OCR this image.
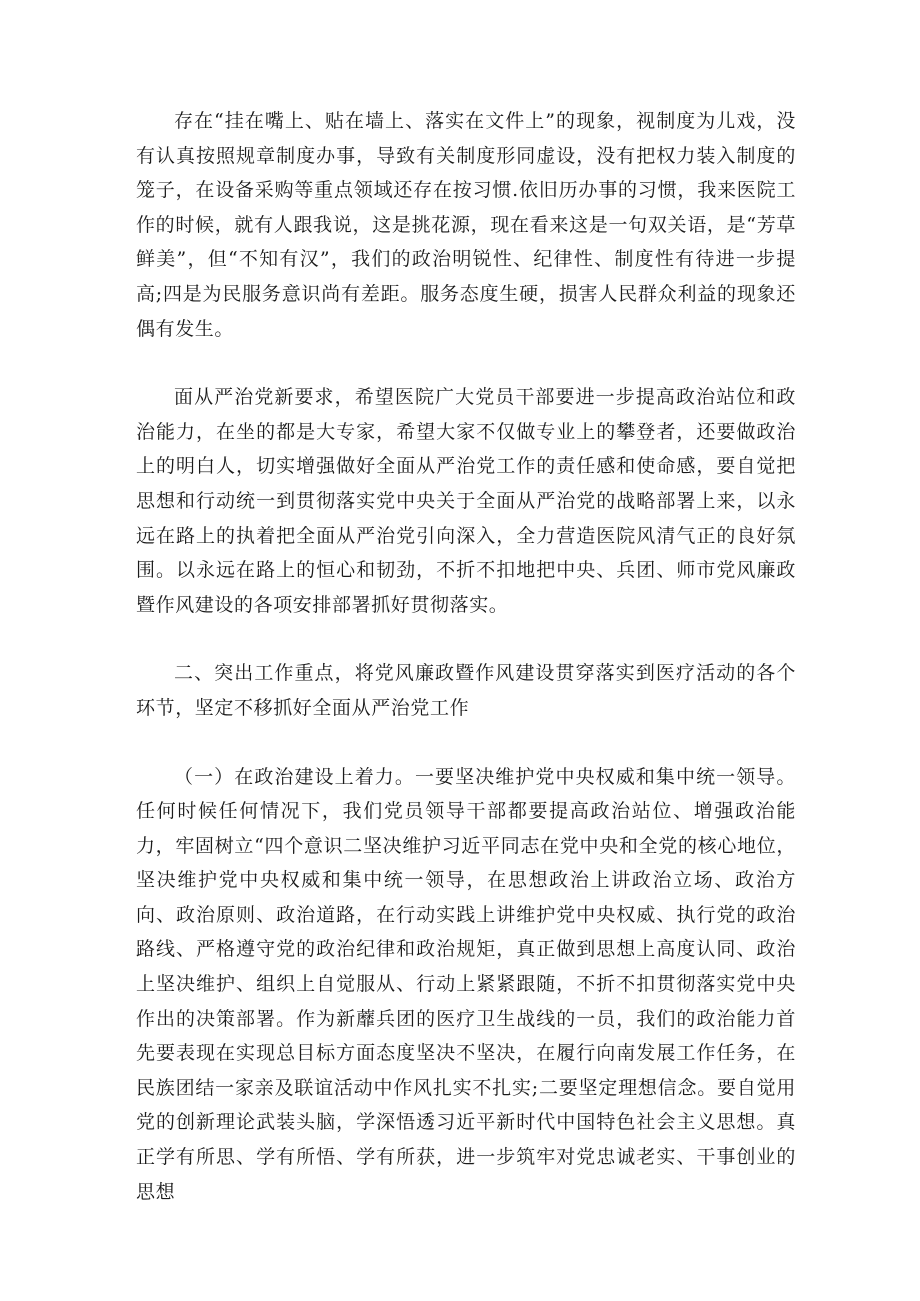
存在“挂在嘴上、贴在墙上、落实在文件上”的现象，视制度为儿戏，没有认真按照规章制度办事，导致有关制度形同虚设，没有把权力装入制度的笼子，在设备采购等重点领域还存在按习惯.依旧历办事的习惯，我来医院工作的时候，就有人跟我说，这是挑花源，现在看来这是一句双关语，是“芳草鲜美”，但“不知有汉”，我们的政治明锐性、纪律性、制度性有待进一步提高;四是为民服务意识尚有差距。服务态度生硬，损害人民群众利益的现象还偶有发生。

面从严治党新要求，希望医院广大党员干部要进一步提高政治站位和政治能力，在坐的都是大专家，希望大家不仅做专业上的攀登者，还要做政治上的明白人，切实增强做好全面从严治党工作的责任感和使命感，要自觉把思想和行动统一到贯彻落实党中央关于全面从严治党的战略部署上来，以永远在路上的执着把全面从严治党引向深入，全力营造医院风清气正的良好氛围。以永远在路上的恒心和韧劲，不折不扣地把中央、兵团、师市党风廉政暨作风建设的各项安排部署抓好贯彻落实。

二、突出工作重点，将党风廉政暨作风建设贯穿落实到医疗活动的各个环节，坚定不移抓好全面从严治党工作

（一）在政治建设上着力。一要坚决维护党中央权威和集中统一领导。任何时候任何情况下，我们党员领导干部都要提高政治站位、增强政治能力，牢固树立“四个意识二坚决维护习近平同志在党中央和全党的核心地位，坚决维护党中央权威和集中统一领导，在思想政治上讲政治立场、政治方向、政治原则、政治道路，在行动实践上讲维护党中央权威、执行党的政治路线、严格遵守党的政治纪律和政治规矩，真正做到思想上高度认同、政治上坚决维护、组织上自觉服从、行动上紧紧跟随，不折不扣贯彻落实党中央作出的决策部署。作为新蘼兵团的医疗卫生战线的一员，我们的政治能力首先要表现在实现总目标方面态度坚决不坚决，在履行向南发展工作任务，在民族团结一家亲及联谊活动中作风扎实不扎实;二要坚定理想信念。要自觉用党的创新理论武装头脑，学深悟透习近平新时代中国特色社会主义思想。真正学有所思、学有所悟、学有所获，进一步筑牢对党忠诚老实、干事创业的思想
